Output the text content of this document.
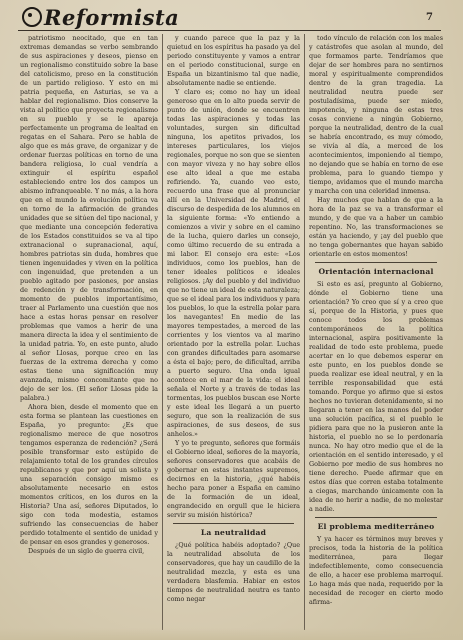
Reformista	7

patriotismo neocitado, que en tan extremas demandas se verbo sembrando de sus aspiraciones y deseos, pienso en un regionalismo constituido sobre la base del catolicismo, preso en la constitución de un partido religioso. Y esto en mi patria pequeña, en Asturias, se va a hablar del regionalismo. Dios conserve la vista al político que proyecta regionalismo en su pueblo y se le apareja perfectamente un programa de lealtad en regatas en el Sahara. Pero se habla de algo que es más grave, de organizar y de ordenar fuerzas políticas en torno de una bandera religiosa, lo cual vendría a extinguir el espíritu español estableciendo entre los dos campos un abismo infranqueable. Y no más, a la hora que en el mundo la evolución política va en torno de la afirmación de grandes unidades que se sitúen del tipo nacional, y que mediante una concepción federativa de los Estados constituidos se va al tipo extranacional o supranacional, aquí, hombres patriotas sin duda, hombres que tienen ingenuidades y viven en la política con ingenuidad, que pretenden a un pueblo agitado por pasiones, por ansias de redención y de transformación, en momento de pueblos importantísimo, traer al Parlamento una cuestión que nos hace a estas horas pensar en resolver problemas que vamos a herir de una manera directa la idea y el sentimiento de la unidad patria. Yo, en este punto, aludo al señor Llosas, porque creo en las fuerzas de la extrema derecha y como estas tiene una significación muy avanzada, mismo concomitante que no dejo de ser los. (El señor Llosas pide la palabra.)

Ahora bien, desde el momento que en esta forma se plantean las cuestiones en España, yo pregunto: ¿Es que regionalismo merece de que nosotros tengamos esperanza de redención? ¿Será posible transformar esto estúpido de relajamiento total de los grandes círculos republicanos y que por aquí un solista y una separación consigo mismo es absolutamente necesario en estos momentos críticos, en los duros en la Historia? Una así, señores Diputados, lo sigo con toda modestia, estamos sufriendo las consecuencias de haber perdido totalmente el sentido de unidad y de pensar en esos grandes y generosos.

Después de un siglo de guerra civil,

y cuando parece que la paz y la quietud en los espíritus ha pasado ya del periodo constituyente y vamos a entrar en el periodo constitucional, surge en España un bizantinismo tal que nadie, absolutamente nadie se entiende.

Y claro es; como no hay un ideal generoso que en lo alto pueda servir de punto de unión, donde se encuentren todas las aspiraciones y todas las voluntades, surgen sin dificultad ninguna, los apetitos privados, los intereses particulares, los viejos regionales, porque no son que se sienten con mayor viveza y no hay sobre ellos ese alto ideal a que me estaba refiriendo. Ya, cuando veo esto, recuerdo una frase que al pronunciar allí en la Universidad de Madrid, el discurso de despedida de los alumnos en la siguiente forma: «Yo entiendo a comienzos a vivir y sobre en el camino de la lucha, quiero darles un consejo, como último recuerdo de su entrada a mi labor. El consejo era este: «Los individuos, como los pueblos, han de tener ideales políticos e ideales religiosos. ¡Ay del pueblo y del individuo que no tiene un ideal de esta naturaleza; que se el ideal para los individuos y para los pueblos, lo que la estrella polar para los navegantes! En medio de las mayores tempestades, a merced de las corrientes y los vientos va al marino orientado por la estrella polar. Luchas con grandes dificultades para asomarse a ésta el bajo; pero, de dificultad, arriba a puerto seguro. Una onda igual acontece en el mar de la vida: el ideal señala el Norte y a través de todas las tormentas, los pueblos buscan ese Norte y este ideal les llegará a un puerto seguro, que son la realización de sus aspiraciones, de sus deseos, de sus anhelos.»

Y yo te pregunto, señores que formáis el Gobierno ideal, señores de la mayoría, señores conservadores que acabáis de gobernar en estas instantes supremos, decirnos en la historia, ¿qué habéis hecho para poner a España en camino de la formación de un ideal, engrandecido en orgull que le hiciera servir su misión histórica?

La neutralidad

¿Qué política habéis adoptado? ¿Que la neutralidad absoluta de los conservadores, que hay un caudillo de la neutralidad mezcla, y esta es una verdadera blasfemia. Habiar en estos tiempos de neutralidad neutra es tanto como negar

todo vínculo de relación con los males y catástrofes que asolan al mundo, del que formamos parte. Tendríamos que dejar de ser hombres para no sentirnos moral y espiritualmente comprendidos dentro de la gran tragedia. La neutralidad neutra puede ser postuladísima, puede ser miedo, impotencia, y ninguna de estas tres cosas conviene a ningún Gobierno, porque la neutralidad, dentro de la cual se habría encontrado, es muy cómodo, se vivía al día, a merced de los acontecimientos, imponiendo al tiempo, no dejando que se había en torno de ese problema, para lo guando tiempo y tiempo, avidamos que el mundo marcha y marcha con una celeridad inmensa.

Hay muchos que hablan de que a la hora de la paz se va a transformar el mundo, y de que va a haber un cambio repentino. No, las transformaciones se están ya haciendo, y ¡ay del pueblo que no tenga gobernantes que hayan sabido orientarle en estos momentos!

Orientación internacional

Si esto es así, pregunto al Gobierno, dónde el Gobierno tiene una orientación? Yo creo que sí y a creo que sí, porque de la Historia, y pues que conoce todos los problemas contemporáneos de la política internacional, aspira positivamente la realidad de todo este problema, puede acertar en lo que debemos esperar en este punto, en los pueblos donde se pueda realizar ese ideal neutral, y en la terrible responsabilidad que está tomando. Porque yo afirmo que si estos hechos no tuvieran detenidamente, si no llegaran a tener en las manos del poder una solución pacífica, si el pueblo le pidiera para que no la pusieron ante la historia, el pueblo no se lo perdonaría nunca. No hay otro medio que el de la orientación en el sentido interesado, y el Gobierno por medio de sus hombres no tiene derecho. Puede afirmar que en estos días que corren estaba totalmente a ciegas, marchando únicamente con la idea de no herir a nadie, de no molestar a nadie.

El problema mediterráneo

Y ya hacer es términos muy breves y precisos, toda la historia de la política mediterránea, para llegar indefectiblemente, como consecuencia de ello, a hacer ese problema marroquí. Lo haga más que nada, requerido por la necesidad de recoger en cierto modo afirma-
